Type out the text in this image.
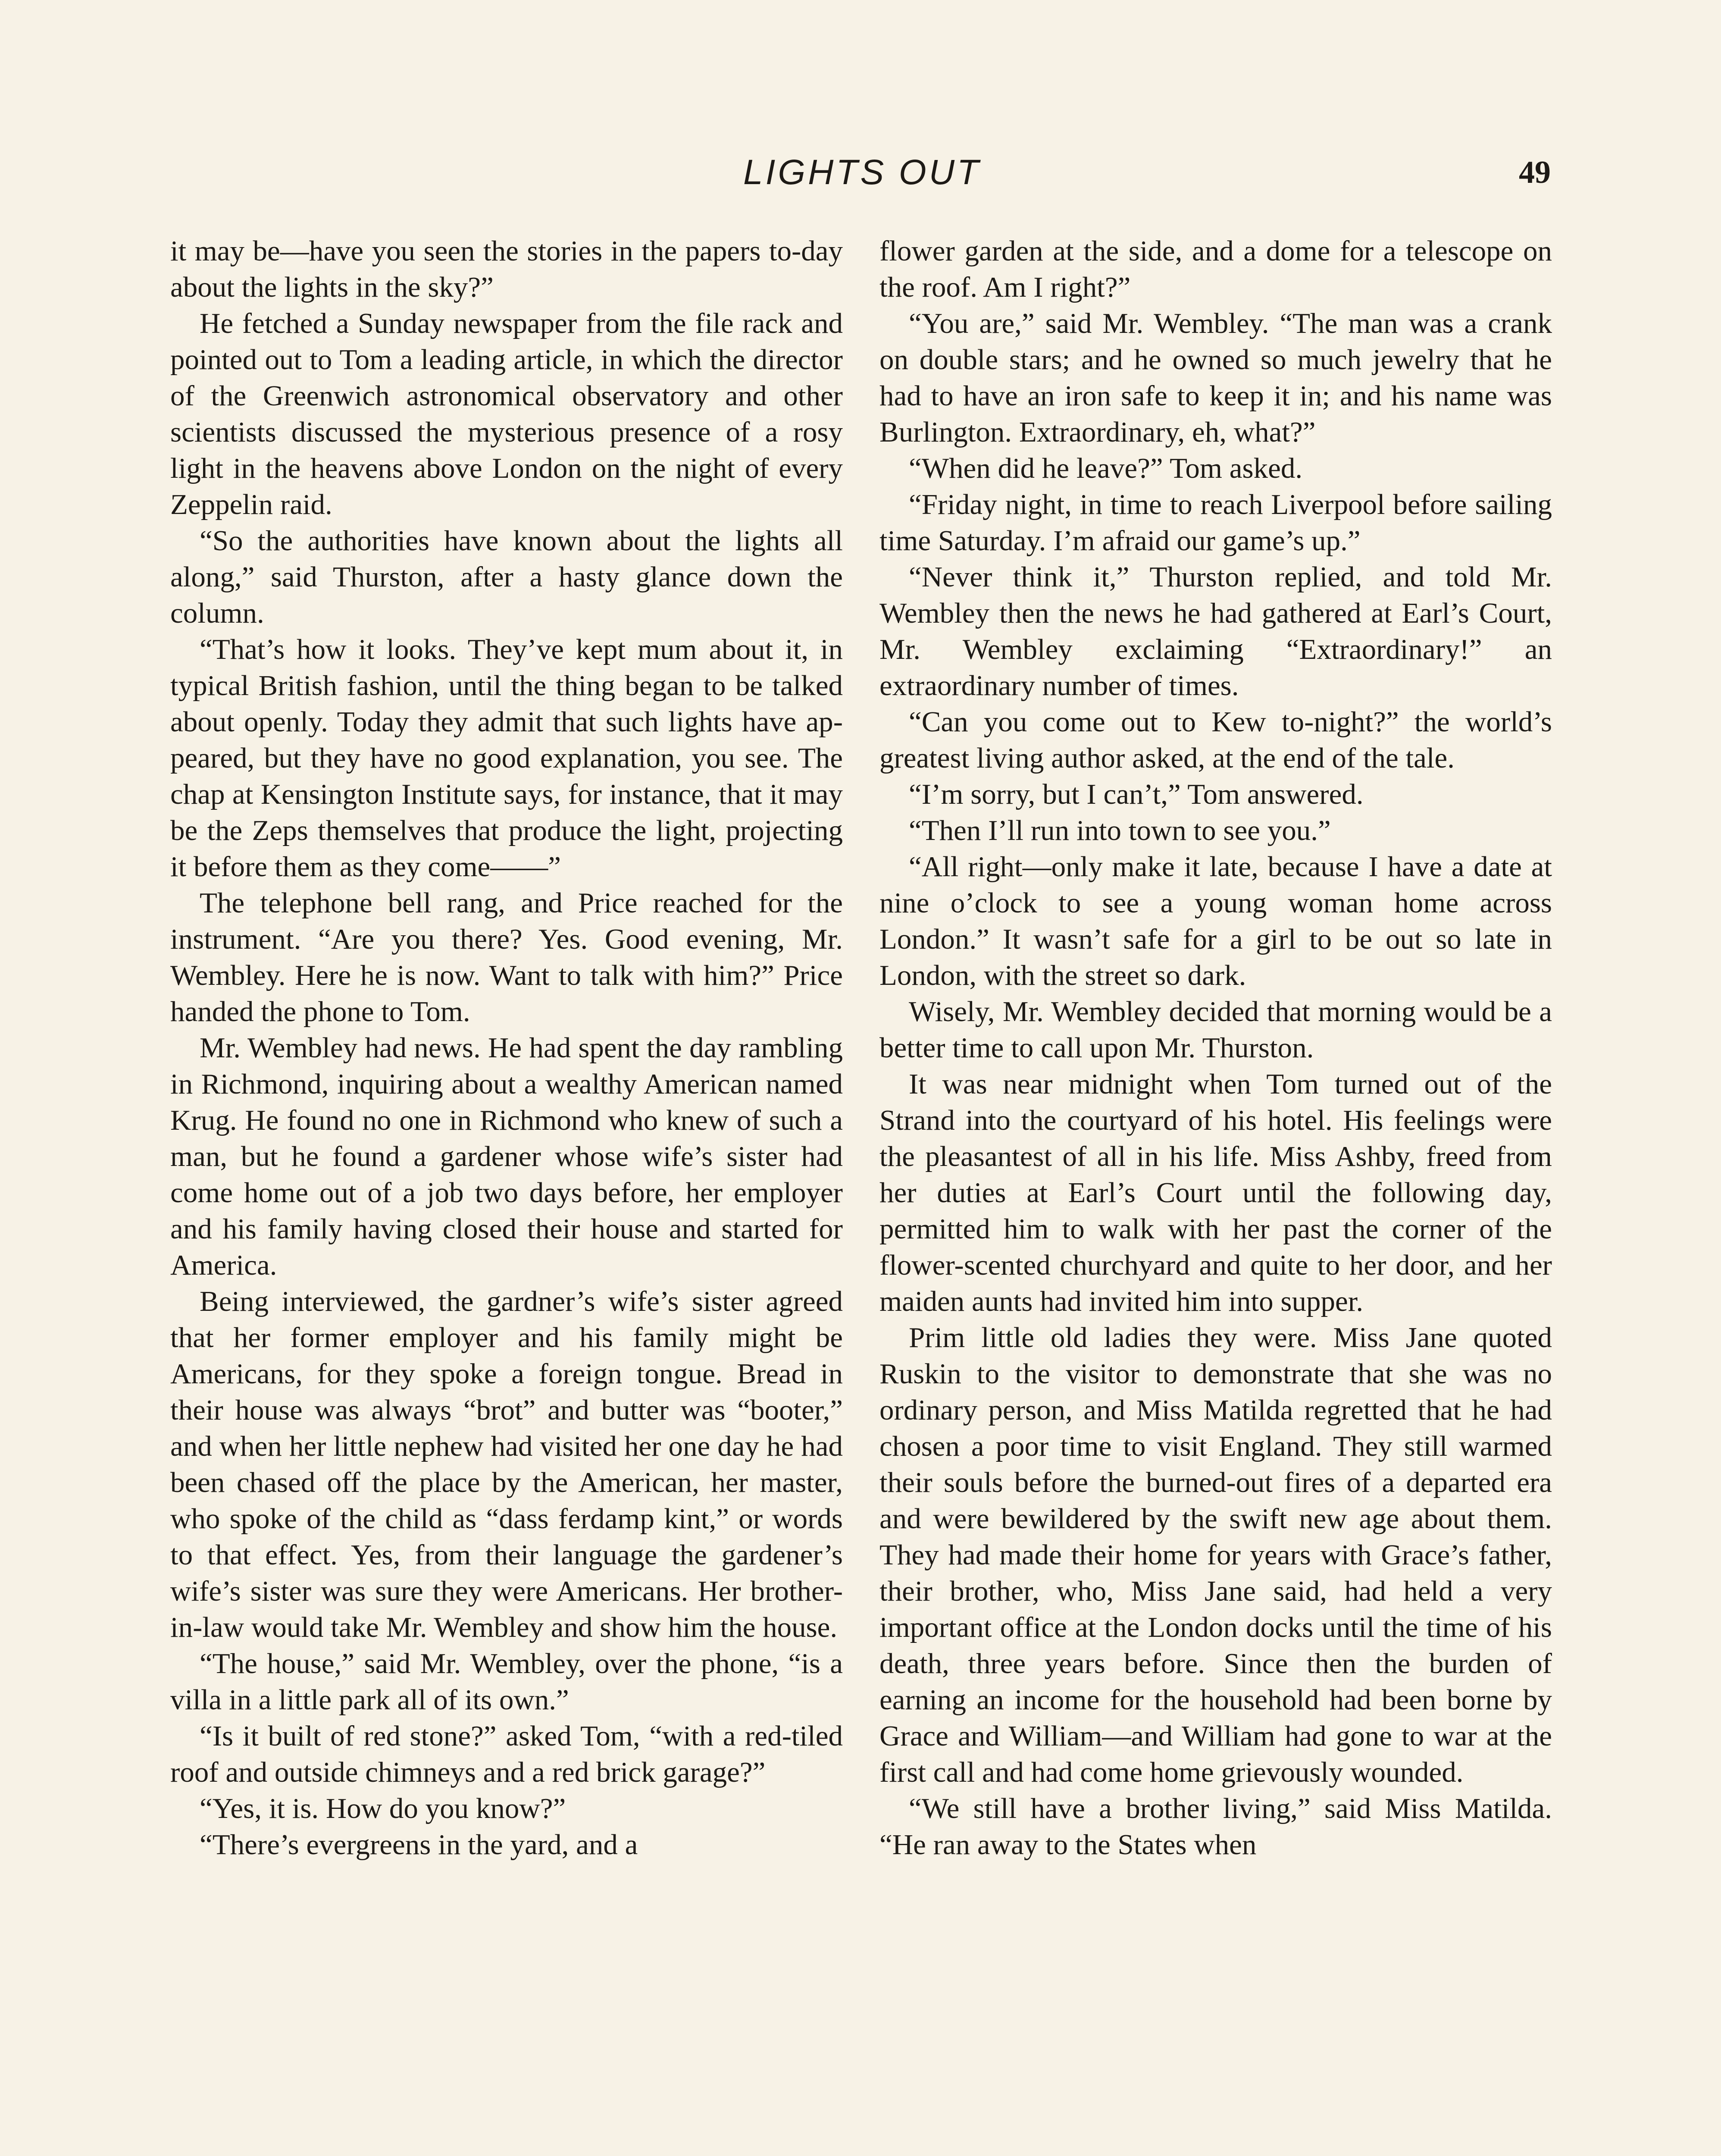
LIGHTS OUT	49

it may be—have you seen the stories in the papers to-day about the lights in the sky?”

He fetched a Sunday newspaper from the file rack and pointed out to Tom a leading article, in which the director of the Greenwich astronomical observatory and other scientists discussed the mysterious presence of a rosy light in the heavens above London on the night of every Zeppelin raid.

“So the authorities have known about the lights all along,” said Thurston, after a hasty glance down the column.

“That’s how it looks. They’ve kept mum about it, in typical British fashion, until the thing began to be talked about openly. Today they admit that such lights have appeared, but they have no good explanation, you see. The chap at Kensington Institute says, for instance, that it may be the Zeps themselves that produce the light, projecting it before them as they come——”

The telephone bell rang, and Price reached for the instrument. “Are you there? Yes. Good evening, Mr. Wembley. Here he is now. Want to talk with him?” Price handed the phone to Tom.

Mr. Wembley had news. He had spent the day rambling in Richmond, inquiring about a wealthy American named Krug. He found no one in Richmond who knew of such a man, but he found a gardener whose wife’s sister had come home out of a job two days before, her employer and his family having closed their house and started for America.

Being interviewed, the gardner’s wife’s sister agreed that her former employer and his family might be Americans, for they spoke a foreign tongue. Bread in their house was always “brot” and butter was “booter,” and when her little nephew had visited her one day he had been chased off the place by the American, her master, who spoke of the child as “dass ferdamp kint,” or words to that effect. Yes, from their language the gardener’s wife’s sister was sure they were Americans. Her brother-in-law would take Mr. Wembley and show him the house.

“The house,” said Mr. Wembley, over the phone, “is a villa in a little park all of its own.”

“Is it built of red stone?” asked Tom, “with a red-tiled roof and outside chimneys and a red brick garage?”

“Yes, it is. How do you know?”

“There’s evergreens in the yard, and a

flower garden at the side, and a dome for a telescope on the roof. Am I right?”

“You are,” said Mr. Wembley. “The man was a crank on double stars; and he owned so much jewelry that he had to have an iron safe to keep it in; and his name was Burlington. Extraordinary, eh, what?”

“When did he leave?” Tom asked.

“Friday night, in time to reach Liverpool before sailing time Saturday. I’m afraid our game’s up.”

“Never think it,” Thurston replied, and told Mr. Wembley then the news he had gathered at Earl’s Court, Mr. Wembley exclaiming “Extraordinary!” an extraordinary number of times.

“Can you come out to Kew to-night?” the world’s greatest living author asked, at the end of the tale.

“I’m sorry, but I can’t,” Tom answered.

“Then I’ll run into town to see you.”

“All right—only make it late, because I have a date at nine o’clock to see a young woman home across London.” It wasn’t safe for a girl to be out so late in London, with the street so dark.

Wisely, Mr. Wembley decided that morning would be a better time to call upon Mr. Thurston.

It was near midnight when Tom turned out of the Strand into the courtyard of his hotel. His feelings were the pleasantest of all in his life. Miss Ashby, freed from her duties at Earl’s Court until the following day, permitted him to walk with her past the corner of the flower-scented churchyard and quite to her door, and her maiden aunts had invited him into supper.

Prim little old ladies they were. Miss Jane quoted Ruskin to the visitor to demonstrate that she was no ordinary person, and Miss Matilda regretted that he had chosen a poor time to visit England. They still warmed their souls before the burned-out fires of a departed era and were bewildered by the swift new age about them. They had made their home for years with Grace’s father, their brother, who, Miss Jane said, had held a very important office at the London docks until the time of his death, three years before. Since then the burden of earning an income for the household had been borne by Grace and William—and William had gone to war at the first call and had come home grievously wounded.

“We still have a brother living,” said Miss Matilda. “He ran away to the States when
